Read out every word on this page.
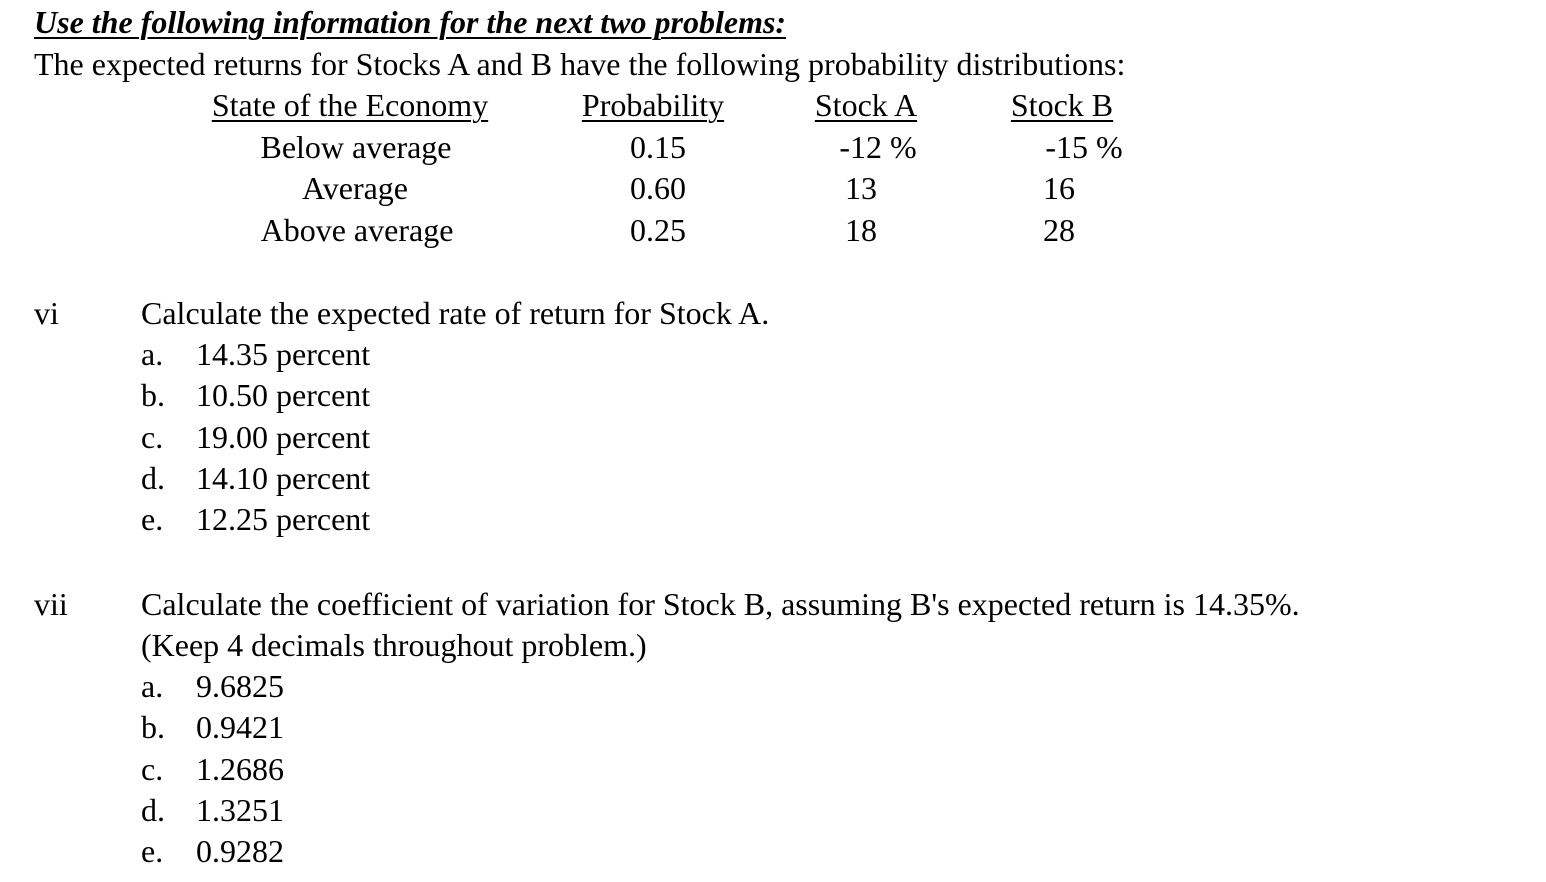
Use the following information for the next two problems:
The expected returns for Stocks A and B have the following probability distributions:
State of the Economy	Probability	Stock A	Stock B
Below average	0.15	-12 %	-15 %
Average	0.60	13	16
Above average	0.25	18	28
vi	Calculate the expected rate of return for Stock A.
a. 14.35 percent
b. 10.50 percent
c. 19.00 percent
d. 14.10 percent
e. 12.25 percent
vii Calculate the coefficient of variation for Stock B, assuming B's expected return is 14.35%.
(Keep 4 decimals throughout problem.)
a. 9.6825
b. 0.9421
c. 1.2686
d. 1.3251
e. 0.9282
